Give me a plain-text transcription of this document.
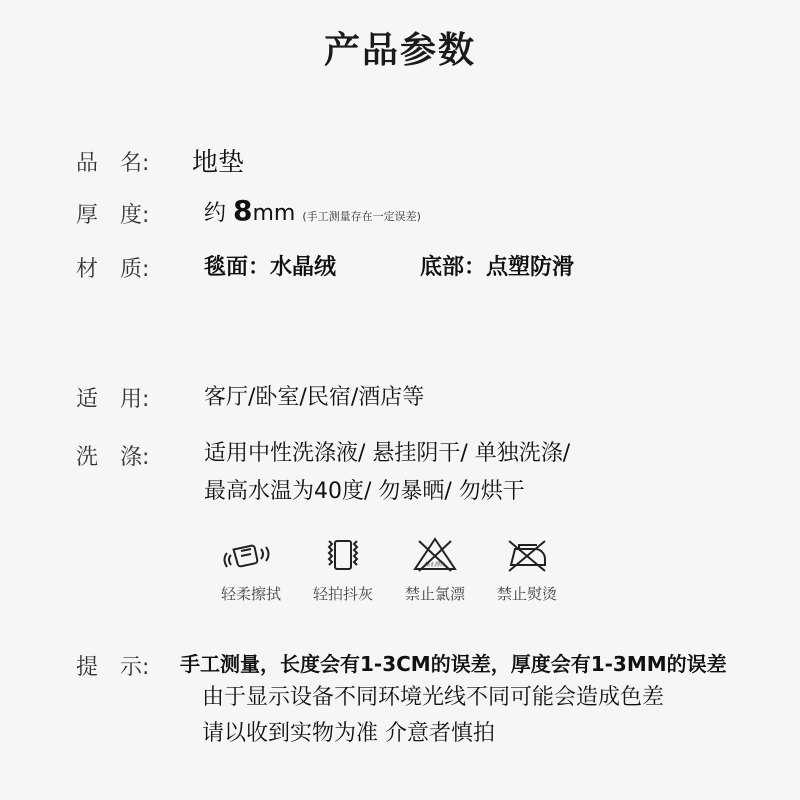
产品参数
品　名: 地垫
厚　度: 约 8mm (手工测量存在一定误差)
材　质: 毯面：水晶绒	底部：点塑防滑
适　用: 客厅/卧室/民宿/酒店等
洗　涤: 适用中性洗涤液/ 悬挂阴干/ 单独洗涤/
最高水温为40度/ 勿暴晒/ 勿烘干
轻柔擦拭	轻拍抖灰
禁止漂白
禁止氯漂	禁止熨烫
提　示: 手工测量，长度会有1-3CM的误差，厚度会有1-3MM的误差
由于显示设备不同环境光线不同可能会造成色差
请以收到实物为准 介意者慎拍
